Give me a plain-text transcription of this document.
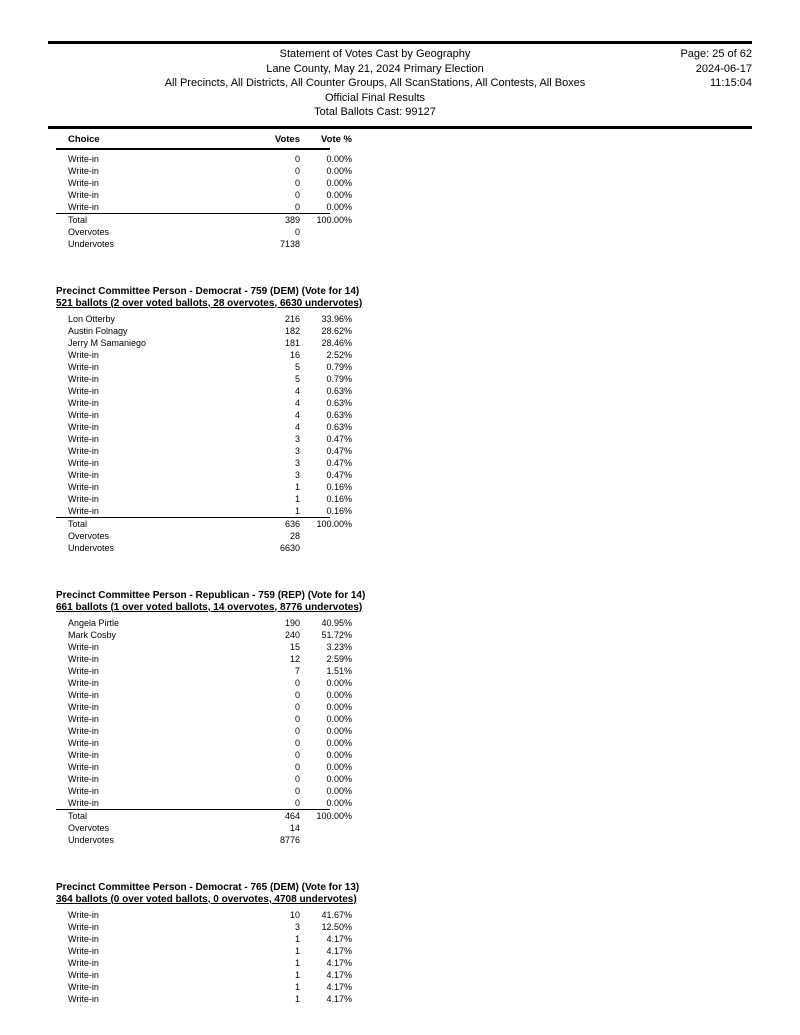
Statement of Votes Cast by Geography
Lane County, May 21, 2024 Primary Election
All Precincts, All Districts, All Counter Groups, All ScanStations, All Contests, All Boxes
Official Final Results
Total Ballots Cast: 99127
Page: 25 of 62
2024-06-17
11:15:04
Choice	Votes	Vote %
Write-in	0	0.00%
Write-in	0	0.00%
Write-in	0	0.00%
Write-in	0	0.00%
Write-in	0	0.00%
Total	389	100.00%
Overvotes	0
Undervotes	7138
Precinct Committee Person - Democrat - 759 (DEM) (Vote for 14)
521 ballots (2 over voted ballots, 28 overvotes, 6630 undervotes)
Lon Otterby	216	33.96%
Austin Folnagy	182	28.62%
Jerry M Samaniego	181	28.46%
Write-in	16	2.52%
Write-in	5	0.79%
Write-in	5	0.79%
Write-in	4	0.63%
Write-in	4	0.63%
Write-in	4	0.63%
Write-in	4	0.63%
Write-in	3	0.47%
Write-in	3	0.47%
Write-in	3	0.47%
Write-in	3	0.47%
Write-in	1	0.16%
Write-in	1	0.16%
Write-in	1	0.16%
Total	636	100.00%
Overvotes	28
Undervotes	6630
Precinct Committee Person - Republican - 759 (REP) (Vote for 14)
661 ballots (1 over voted ballots, 14 overvotes, 8776 undervotes)
Angela Pirtle	190	40.95%
Mark Cosby	240	51.72%
Write-in	15	3.23%
Write-in	12	2.59%
Write-in	7	1.51%
Write-in	0	0.00%
Write-in	0	0.00%
Write-in	0	0.00%
Write-in	0	0.00%
Write-in	0	0.00%
Write-in	0	0.00%
Write-in	0	0.00%
Write-in	0	0.00%
Write-in	0	0.00%
Write-in	0	0.00%
Write-in	0	0.00%
Total	464	100.00%
Overvotes	14
Undervotes	8776
Precinct Committee Person - Democrat - 765 (DEM) (Vote for 13)
364 ballots (0 over voted ballots, 0 overvotes, 4708 undervotes)
Write-in	10	41.67%
Write-in	3	12.50%
Write-in	1	4.17%
Write-in	1	4.17%
Write-in	1	4.17%
Write-in	1	4.17%
Write-in	1	4.17%
Write-in	1	4.17%
